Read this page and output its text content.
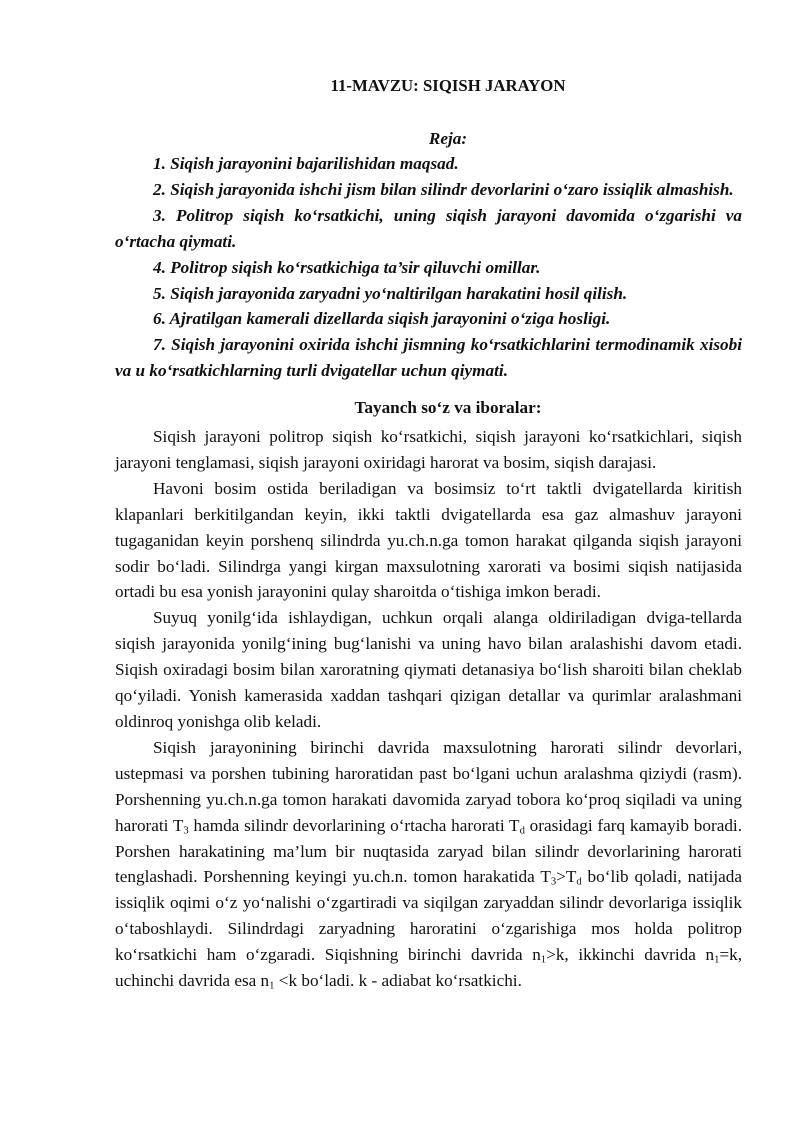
11-MAVZU: SIQISH JARAYON
Reja:

1. Siqish jarayonini bajarilishidan maqsad.

2. Siqish jarayonida ishchi jism bilan silindr devorlarini o‘zaro issiqlik almashish.

3. Politrop siqish ko‘rsatkichi, uning siqish jarayoni davomida o‘zgarishi va o‘rtacha qiymati.

4. Politrop siqish ko‘rsatkichiga ta’sir qiluvchi omillar.

5. Siqish jarayonida zaryadni yo‘naltirilgan harakatini hosil qilish.

6. Ajratilgan kamerali dizellarda siqish jarayonini o‘ziga hosligi.

7. Siqish jarayonini oxirida ishchi jismning ko‘rsatkichlarini termodinamik xisobi va u ko‘rsatkichlarning turli dvigatellar uchun qiymati.

Tayanch so‘z va iboralar:

Siqish jarayoni politrop siqish ko‘rsatkichi, siqish jarayoni ko‘rsatkichlari, siqish jarayoni tenglamasi, siqish jarayoni oxiridagi harorat va bosim, siqish darajasi.

Havoni bosim ostida beriladigan va bosimsiz to‘rt taktli dvigatellarda kiritish klapanlari berkitilgandan keyin, ikki taktli dvigatellarda esa gaz almashuv jarayoni tugaganidan keyin porshenq silindrda yu.ch.n.ga tomon harakat qilganda siqish jarayoni sodir bo‘ladi. Silindrga yangi kirgan maxsulotning xarorati va bosimi siqish natijasida ortadi bu esa yonish jarayonini qulay sharoitda o‘tishiga imkon beradi.

Suyuq yonilg‘ida ishlaydigan, uchkun orqali alanga oldiriladigan dviga-tellarda siqish jarayonida yonilg‘ining bug‘lanishi va uning havo bilan aralashishi davom etadi. Siqish oxiradagi bosim bilan xaroratning qiymati detanasiya bo‘lish sharoiti bilan cheklab qo‘yiladi. Yonish kamerasida xaddan tashqari qizigan detallar va qurimlar aralashmani oldinroq yonishga olib keladi.

Siqish jarayonining birinchi davrida maxsulotning harorati silindr devorlari, ustepmasi va porshen tubining haroratidan past bo‘lgani uchun aralashma qiziydi (rasm). Porshenning yu.ch.n.ga tomon harakati davomida zaryad tobora ko‘proq siqiladi va uning harorati $T_3$ hamda silindr devorlarining o‘rtacha harorati $T_d$ orasidagi farq kamayib boradi. Porshen harakatining ma’lum bir nuqtasida zaryad bilan silindr devorlarining harorati tenglashadi. Porshenning keyingi yu.ch.n. tomon harakatida $T_3>T_d$ bo‘lib qoladi, natijada issiqlik oqimi o‘z yo‘nalishi o‘zgartiradi va siqilgan zaryaddan silindr devorlariga issiqlik o‘taboshlaydi. Silindrdagi zaryadning haroratini o‘zgarishiga mos holda politrop ko‘rsatkichi ham o‘zgaradi. Siqishning birinchi davrida $n_1>k$, ikkinchi davrida $n_1=k$, uchinchi davrida esa $n_1 <k$ bo‘ladi. k - adiabat ko‘rsatkichi.
